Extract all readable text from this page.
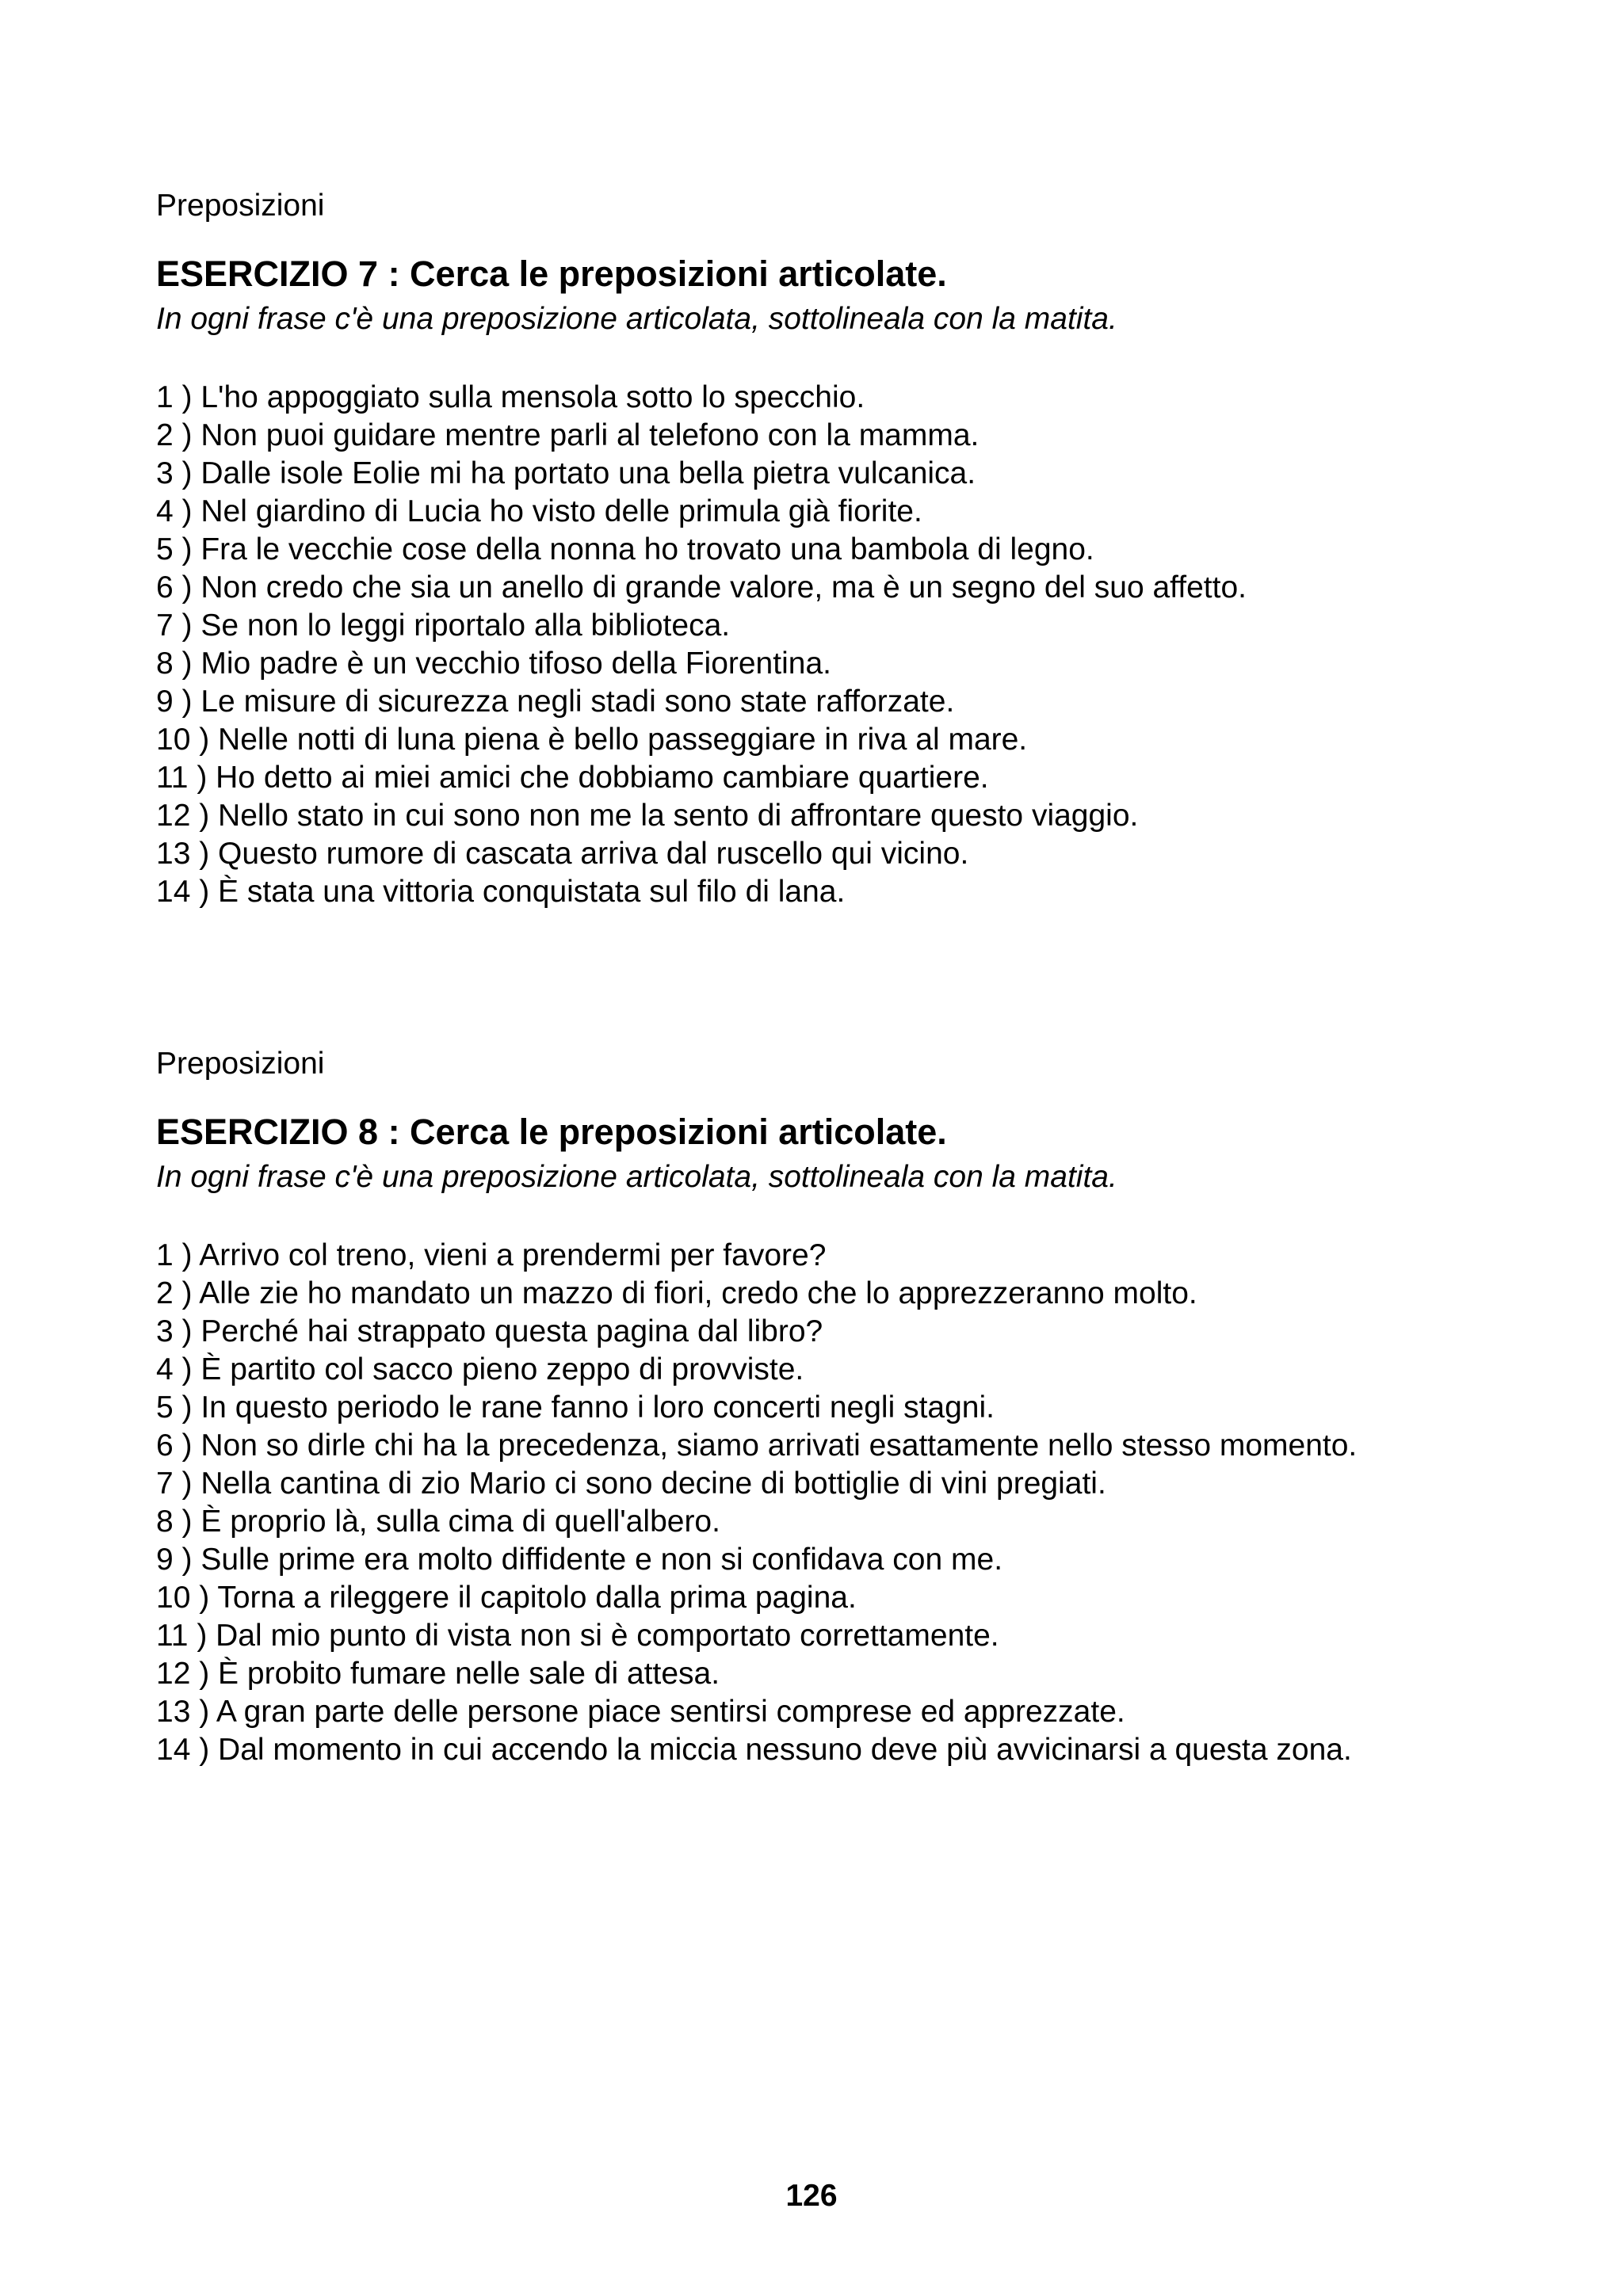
Preposizioni

ESERCIZIO 7 : Cerca le preposizioni articolate.

In ogni frase c'è una preposizione articolata, sottolineala con la matita.

1 ) L'ho appoggiato sulla mensola sotto lo specchio.
2 ) Non puoi guidare mentre parli al telefono con la mamma.
3 ) Dalle isole Eolie mi ha portato una bella pietra vulcanica.
4 ) Nel giardino di Lucia ho visto delle primula già fiorite.
5 ) Fra le vecchie cose della nonna ho trovato una bambola di legno.
6 ) Non credo che sia un anello di grande valore, ma è un segno del suo affetto.
7 ) Se non lo leggi riportalo alla biblioteca.
8 ) Mio padre è un vecchio tifoso della Fiorentina.
9 ) Le misure di sicurezza negli stadi sono state rafforzate.
10 ) Nelle notti di luna piena è bello passeggiare in riva al mare.
11 ) Ho detto ai miei amici che dobbiamo cambiare quartiere.
12 ) Nello stato in cui sono non me la sento di affrontare questo viaggio.
13 ) Questo rumore di cascata arriva dal ruscello qui vicino.
14 ) È stata una vittoria conquistata sul filo di lana.

Preposizioni

ESERCIZIO 8 : Cerca le preposizioni articolate.

In ogni frase c'è una preposizione articolata, sottolineala con la matita.

1 ) Arrivo col treno, vieni a prendermi per favore?
2 ) Alle zie ho mandato un mazzo di fiori, credo che lo apprezzeranno molto.
3 ) Perché hai strappato questa pagina dal libro?
4 ) È partito col sacco pieno zeppo di provviste.
5 ) In questo periodo le rane fanno i loro concerti negli stagni.
6 ) Non so dirle chi ha la precedenza, siamo arrivati esattamente nello stesso momento.
7 ) Nella cantina di zio Mario ci sono decine di bottiglie di vini pregiati.
8 ) È proprio là, sulla cima di quell'albero.
9 ) Sulle prime era molto diffidente e non si confidava con me.
10 ) Torna a rileggere il capitolo dalla prima pagina.
11 ) Dal mio punto di vista non si è comportato correttamente.
12 ) È probito fumare nelle sale di attesa.
13 ) A gran parte delle persone piace sentirsi comprese ed apprezzate.
14 ) Dal momento in cui accendo la miccia nessuno deve più avvicinarsi a questa zona.
126
